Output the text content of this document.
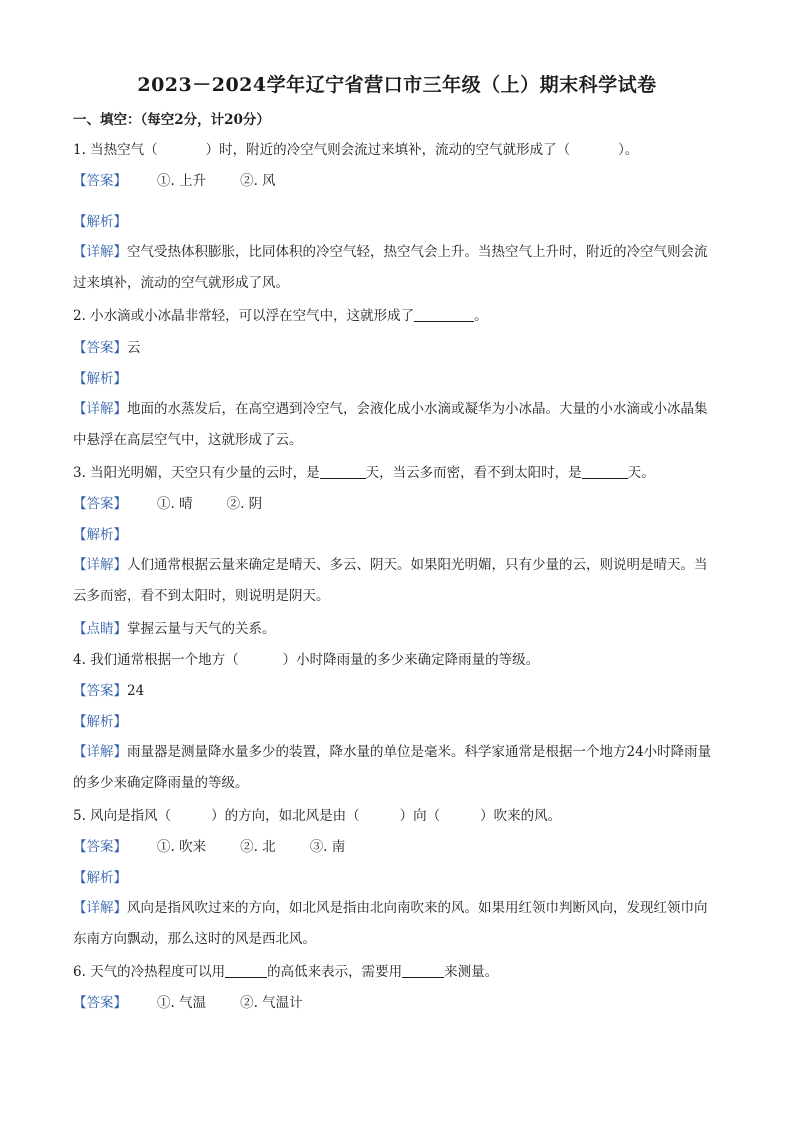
2023－2024学年辽宁省营口市三年级（上）期末科学试卷
一、填空：（每空2分，计20分）
1. 当热空气（	）时，附近的冷空气则会流过来填补，流动的空气就形成了（	）。
【答案】 ①. 上升	②. 风
【解析】
【详解】空气受热体积膨胀，比同体积的冷空气轻，热空气会上升。当热空气上升时，附近的冷空气则会流过来填补，流动的空气就形成了风。
2. 小水滴或小冰晶非常轻，可以浮在空气中，这就形成了	。
【答案】云
【解析】
【详解】地面的水蒸发后，在高空遇到冷空气，会液化成小水滴或凝华为小冰晶。大量的小水滴或小冰晶集中悬浮在高层空气中，这就形成了云。
3. 当阳光明媚，天空只有少量的云时，是	天，当云多而密，看不到太阳时，是	天。
【答案】 ①. 晴	②. 阴
【解析】
【详解】人们通常根据云量来确定是晴天、多云、阴天。如果阳光明媚，只有少量的云，则说明是晴天。当云多而密，看不到太阳时，则说明是阴天。
【点睛】掌握云量与天气的关系。
4. 我们通常根据一个地方（	）小时降雨量的多少来确定降雨量的等级。
【答案】24
【解析】
【详解】雨量器是测量降水量多少的装置，降水量的单位是毫米。科学家通常是根据一个地方24小时降雨量的多少来确定降雨量的等级。
5. 风向是指风（	）的方向，如北风是由（	）向（	）吹来的风。
【答案】 ①. 吹来	②. 北	③. 南
【解析】
【详解】风向是指风吹过来的方向，如北风是指由北向南吹来的风。如果用红领巾判断风向，发现红领巾向东南方向飘动，那么这时的风是西北风。
6. 天气的冷热程度可以用	的高低来表示，需要用	来测量。
【答案】 ①. 气温	②. 气温计
